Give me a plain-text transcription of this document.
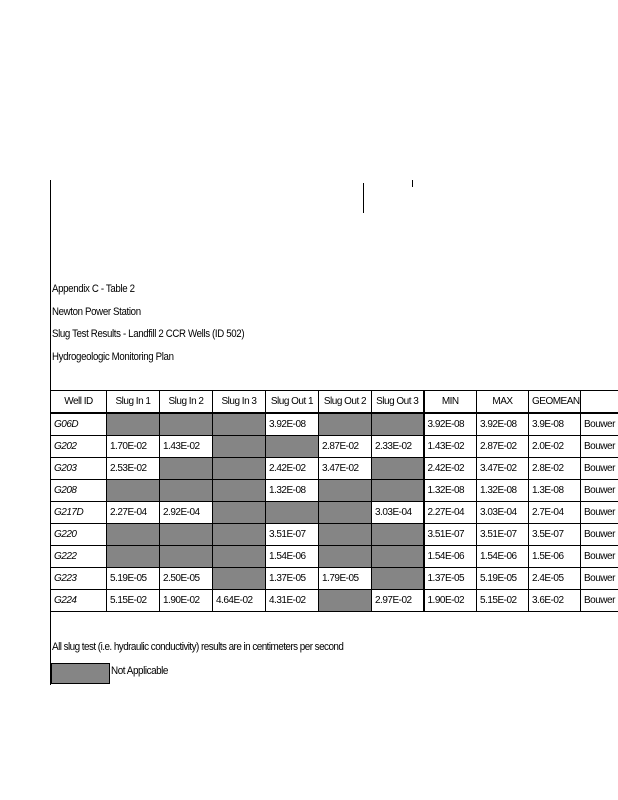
Appendix C - Table 2
Newton Power Station
Slug Test Results - Landfill 2 CCR Wells (ID 502)
Hydrogeologic Monitoring Plan
Well ID	Slug In 1	Slug In 2	Slug In 3	Slug Out 1	Slug Out 2	Slug Out 3	MIN	MAX	GEOMEAN	
G06D				3.92E-08			3.92E-08	3.92E-08	3.9E-08	Bouwer
G202	1.70E-02	1.43E-02			2.87E-02	2.33E-02	1.43E-02	2.87E-02	2.0E-02	Bouwer
G203	2.53E-02			2.42E-02	3.47E-02		2.42E-02	3.47E-02	2.8E-02	Bouwer
G208				1.32E-08			1.32E-08	1.32E-08	1.3E-08	Bouwer
G217D	2.27E-04	2.92E-04				3.03E-04	2.27E-04	3.03E-04	2.7E-04	Bouwer
G220				3.51E-07			3.51E-07	3.51E-07	3.5E-07	Bouwer
G222				1.54E-06			1.54E-06	1.54E-06	1.5E-06	Bouwer
G223	5.19E-05	2.50E-05		1.37E-05	1.79E-05		1.37E-05	5.19E-05	2.4E-05	Bouwer
G224	5.15E-02	1.90E-02	4.64E-02	4.31E-02		2.97E-02	1.90E-02	5.15E-02	3.6E-02	Bouwer
All slug test (i.e. hydraulic conductivity) results are in centimeters per second
Not Applicable
